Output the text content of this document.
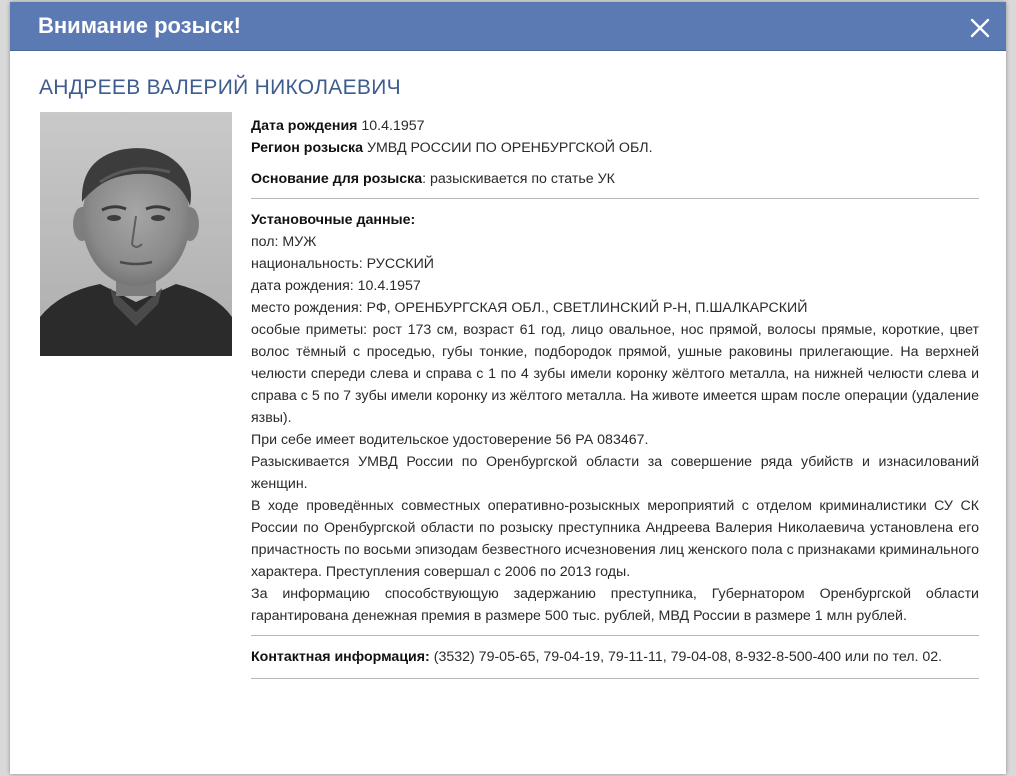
Внимание розыск!
АНДРЕЕВ ВАЛЕРИЙ НИКОЛАЕВИЧ

Дата рождения 10.4.1957

Регион розыска УМВД РОССИИ ПО ОРЕНБУРГСКОЙ ОБЛ.

Основание для розыска: разыскивается по статье УК

Установочные данные:

пол: МУЖ

национальность: РУССКИЙ

дата рождения: 10.4.1957

место рождения: РФ, ОРЕНБУРГСКАЯ ОБЛ., СВЕТЛИНСКИЙ Р-Н, П.ШАЛКАРСКИЙ

особые приметы: рост 173 см, возраст 61 год, лицо овальное, нос прямой, волосы прямые, короткие, цвет волос тёмный с проседью, губы тонкие, подбородок прямой, ушные раковины прилегающие. На верхней челюсти спереди слева и справа с 1 по 4 зубы имели коронку жёлтого металла, на нижней челюсти слева и справа с 5 по 7 зубы имели коронку из жёлтого металла. На животе имеется шрам после операции (удаление язвы).

При себе имеет водительское удостоверение 56 РА 083467.

Разыскивается УМВД России по Оренбургской области за совершение ряда убийств и изнасилований женщин.

В ходе проведённых совместных оперативно-розыскных мероприятий с отделом криминалистики СУ СК России по Оренбургской области по розыску преступника Андреева Валерия Николаевича установлена его причастность по восьми эпизодам безвестного исчезновения лиц женского пола с признаками криминального характера. Преступления совершал с 2006 по 2013 годы.

За информацию способствующую задержанию преступника, Губернатором Оренбургской области гарантирована денежная премия в размере 500 тыс. рублей, МВД России в размере 1 млн рублей.

Контактная информация: (3532) 79-05-65, 79-04-19, 79-11-11, 79-04-08, 8-932-8-500-400 или по тел. 02.
